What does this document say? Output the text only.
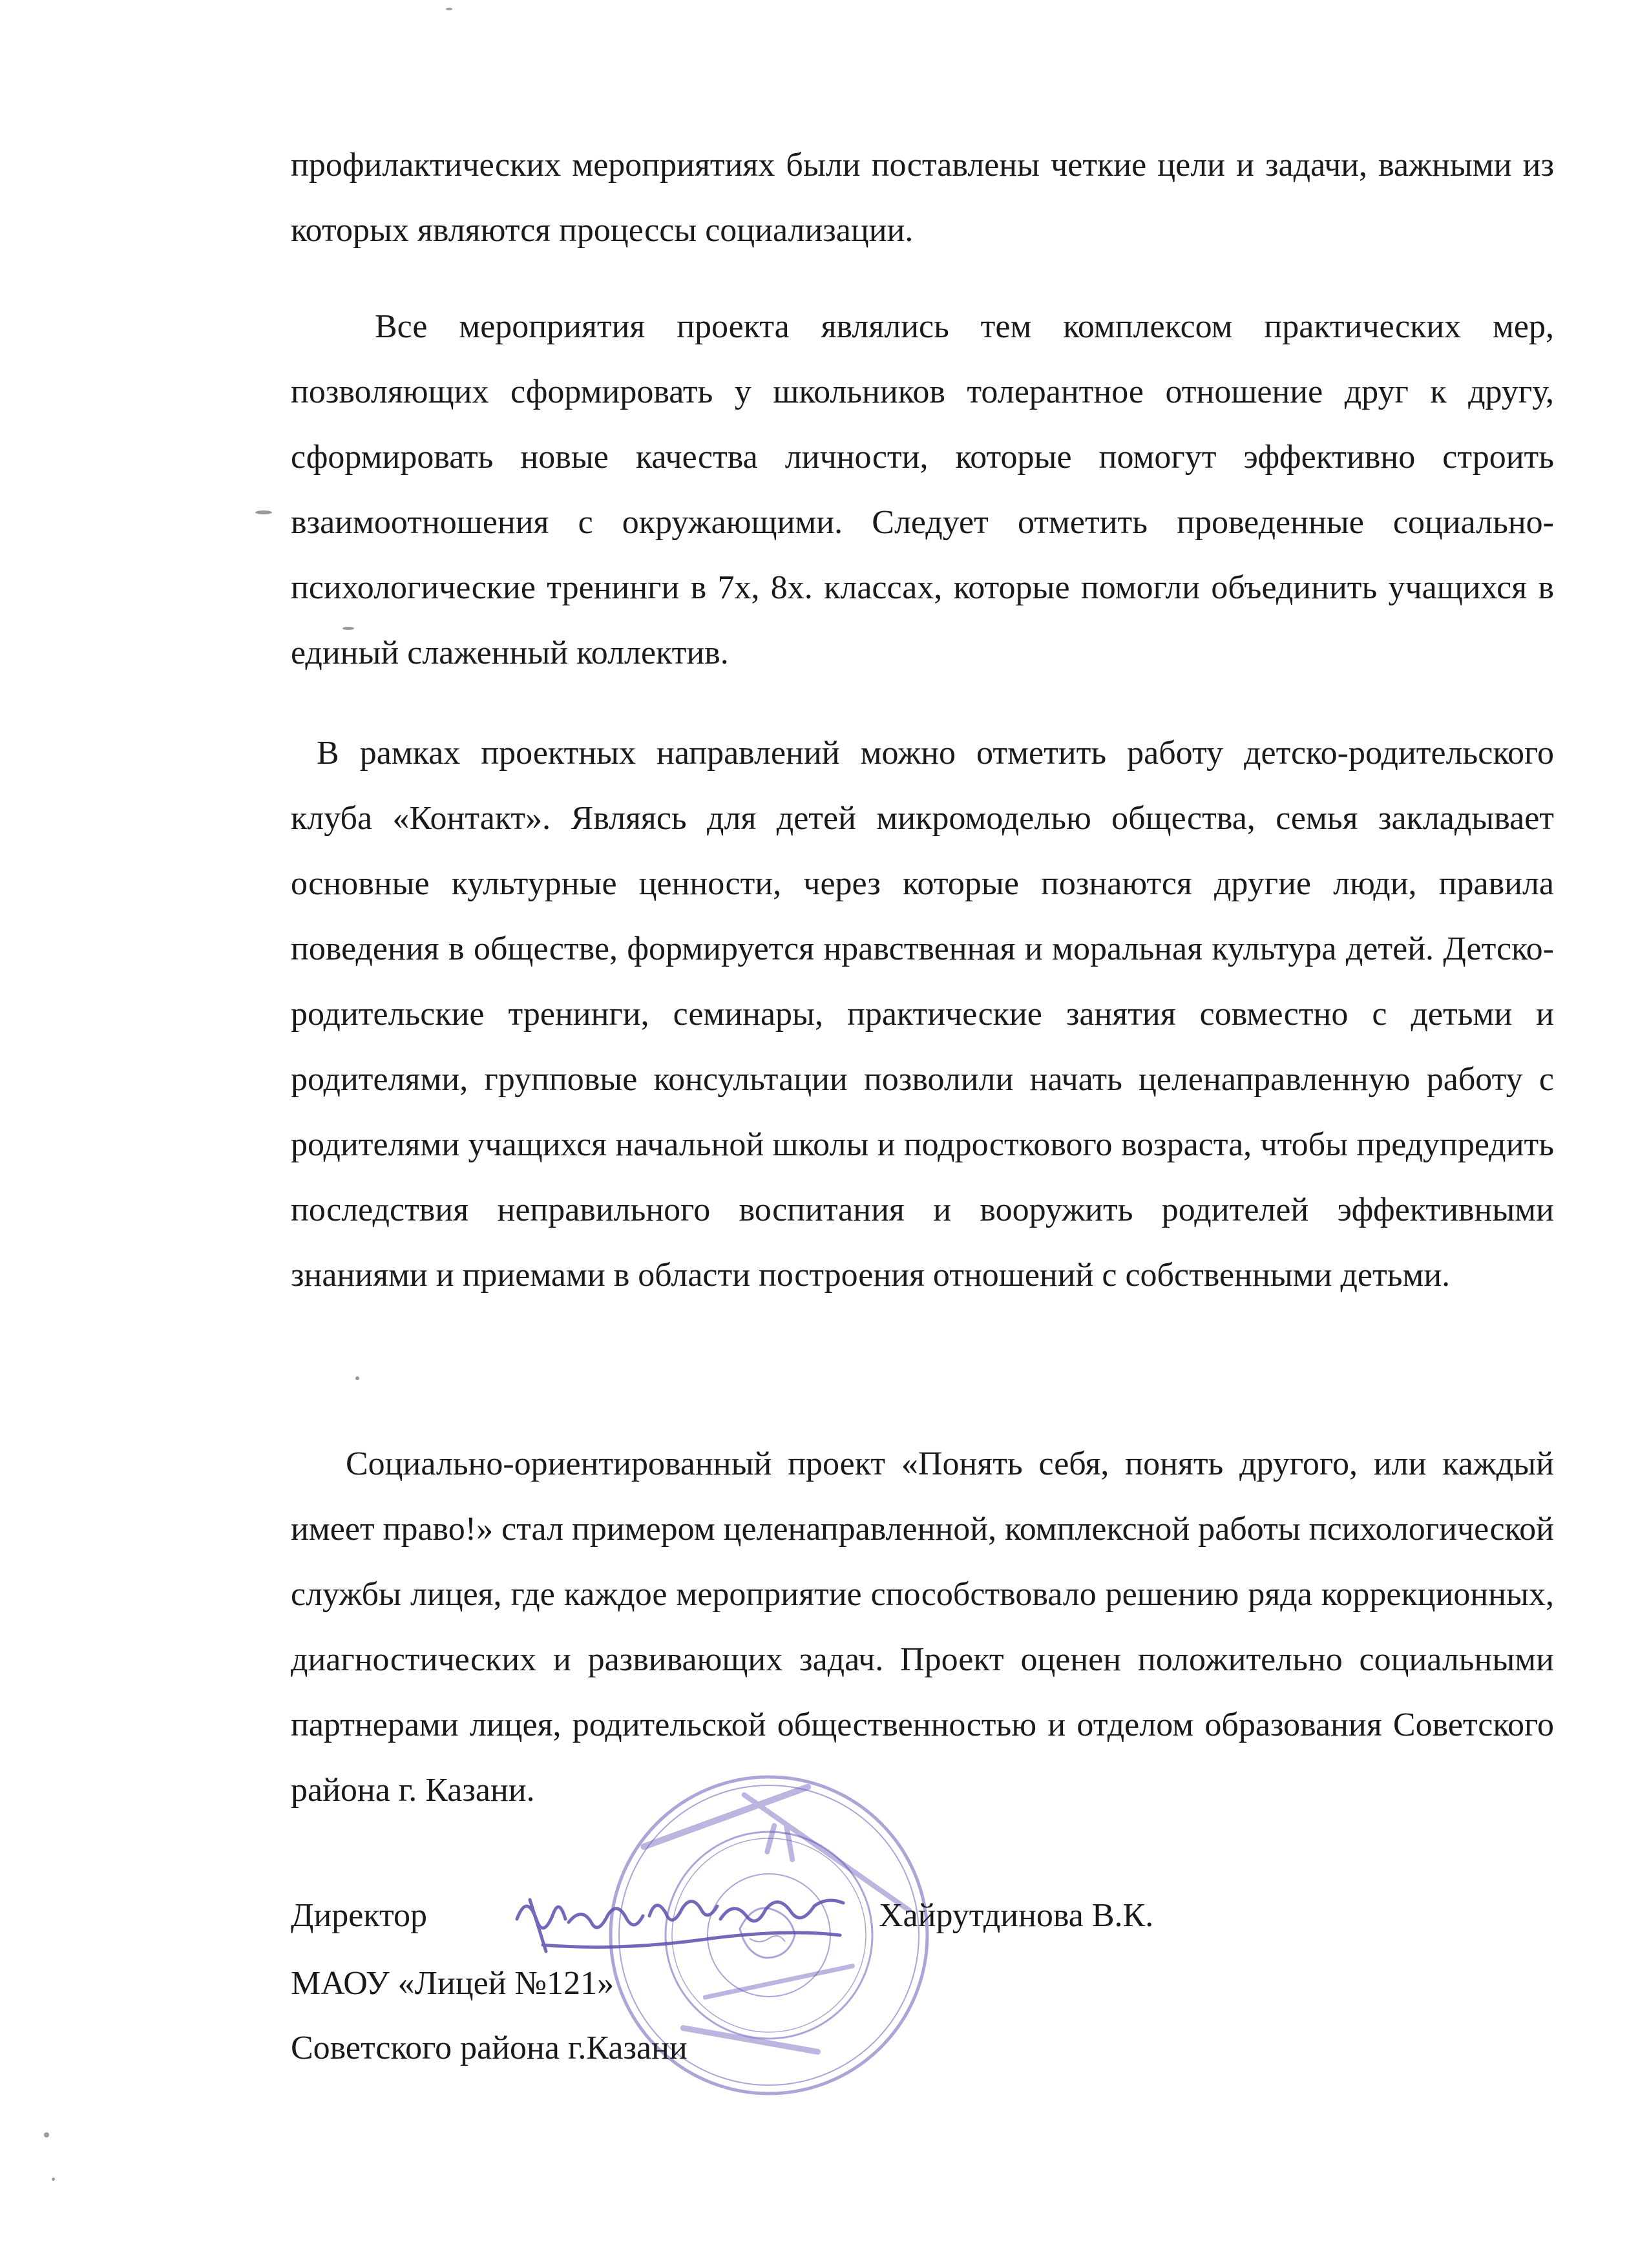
профилактических мероприятиях были поставлены четкие цели и задачи, важными из которых являются процессы социализации.

Все мероприятия проекта являлись тем комплексом практических мер, позволяющих сформировать у школьников толерантное отношение друг к другу, сформировать новые качества личности, которые помогут эффективно строить взаимоотношения с окружающими. Следует отметить проведенные социально-психологические тренинги в 7х, 8х. классах, которые помогли объединить учащихся в единый слаженный коллектив.

В рамках проектных направлений можно отметить работу детско-родительского клуба «Контакт». Являясь для детей микромоделью общества, семья закладывает основные культурные ценности, через которые познаются другие люди, правила поведения в обществе, формируется нравственная и моральная культура детей. Детско-родительские тренинги, семинары, практические занятия совместно с детьми и родителями, групповые консультации позволили начать целенаправленную работу с родителями учащихся начальной школы и подросткового возраста, чтобы предупредить последствия неправильного воспитания и вооружить родителей эффективными знаниями и приемами в области построения отношений с собственными детьми.

Социально-ориентированный проект «Понять себя, понять другого, или каждый имеет право!» стал примером целенаправленной, комплексной работы психологической службы лицея, где каждое мероприятие способствовало решению ряда коррекционных, диагностических и развивающих задач. Проект оценен положительно социальными партнерами лицея, родительской общественностью и отделом образования Советского района г. Казани.

Директор	Хайрутдинова В.К.
МАОУ «Лицей №121»
Советского района г.Казани
